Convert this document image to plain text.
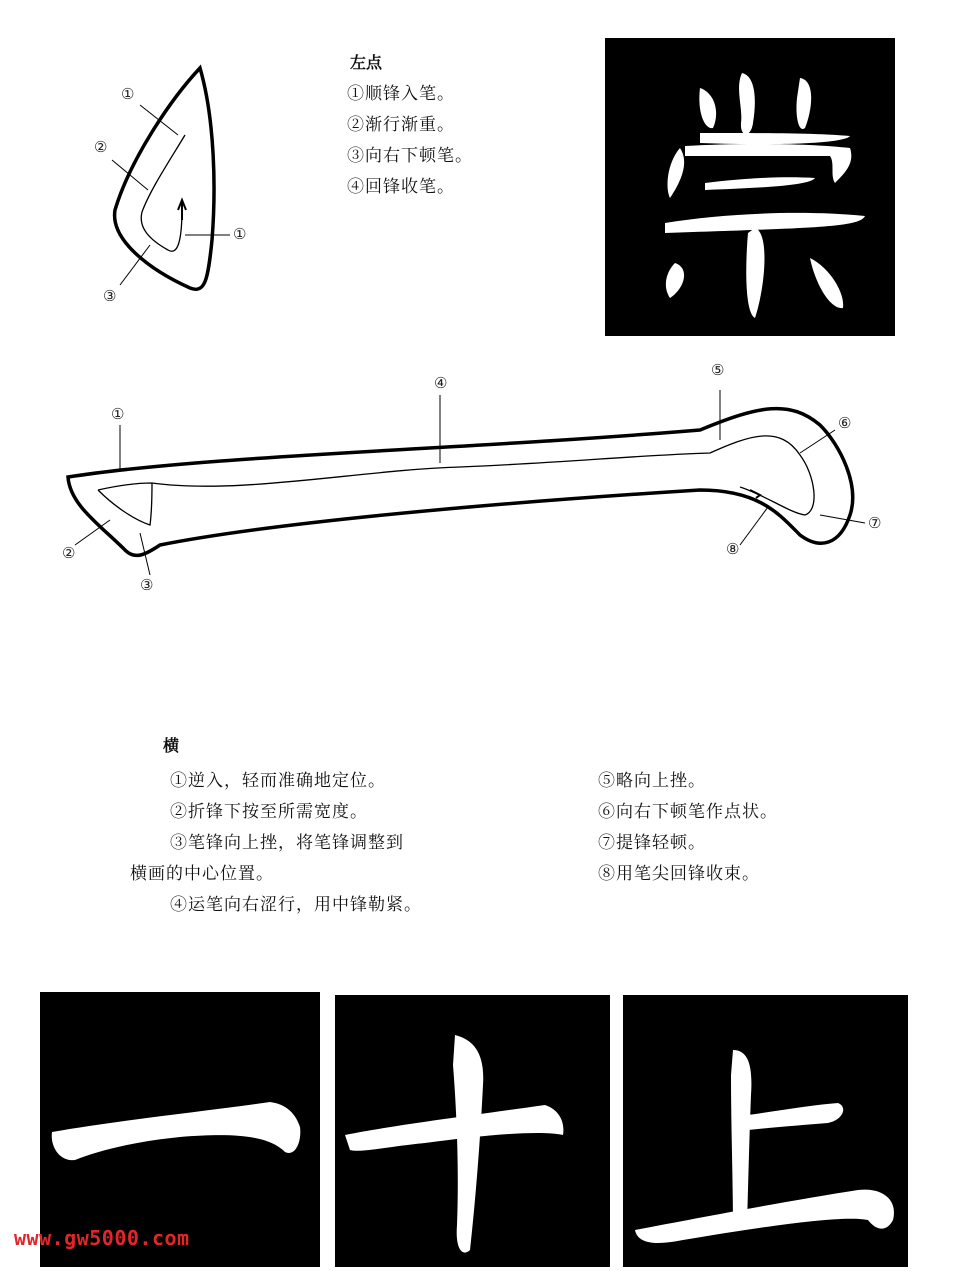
①
②
①
③
左点
①顺锋入笔。
②渐行渐重。
③向右下顿笔。
④回锋收笔。
①
②
③
④
⑤
⑥
⑦
⑧
横
①逆入，轻而准确地定位。
②折锋下按至所需宽度。
③笔锋向上挫，将笔锋调整到
横画的中心位置。
④运笔向右涩行，用中锋勒紧。
⑤略向上挫。
⑥向右下顿笔作点状。
⑦提锋轻顿。
⑧用笔尖回锋收束。
www.gw5000.com
